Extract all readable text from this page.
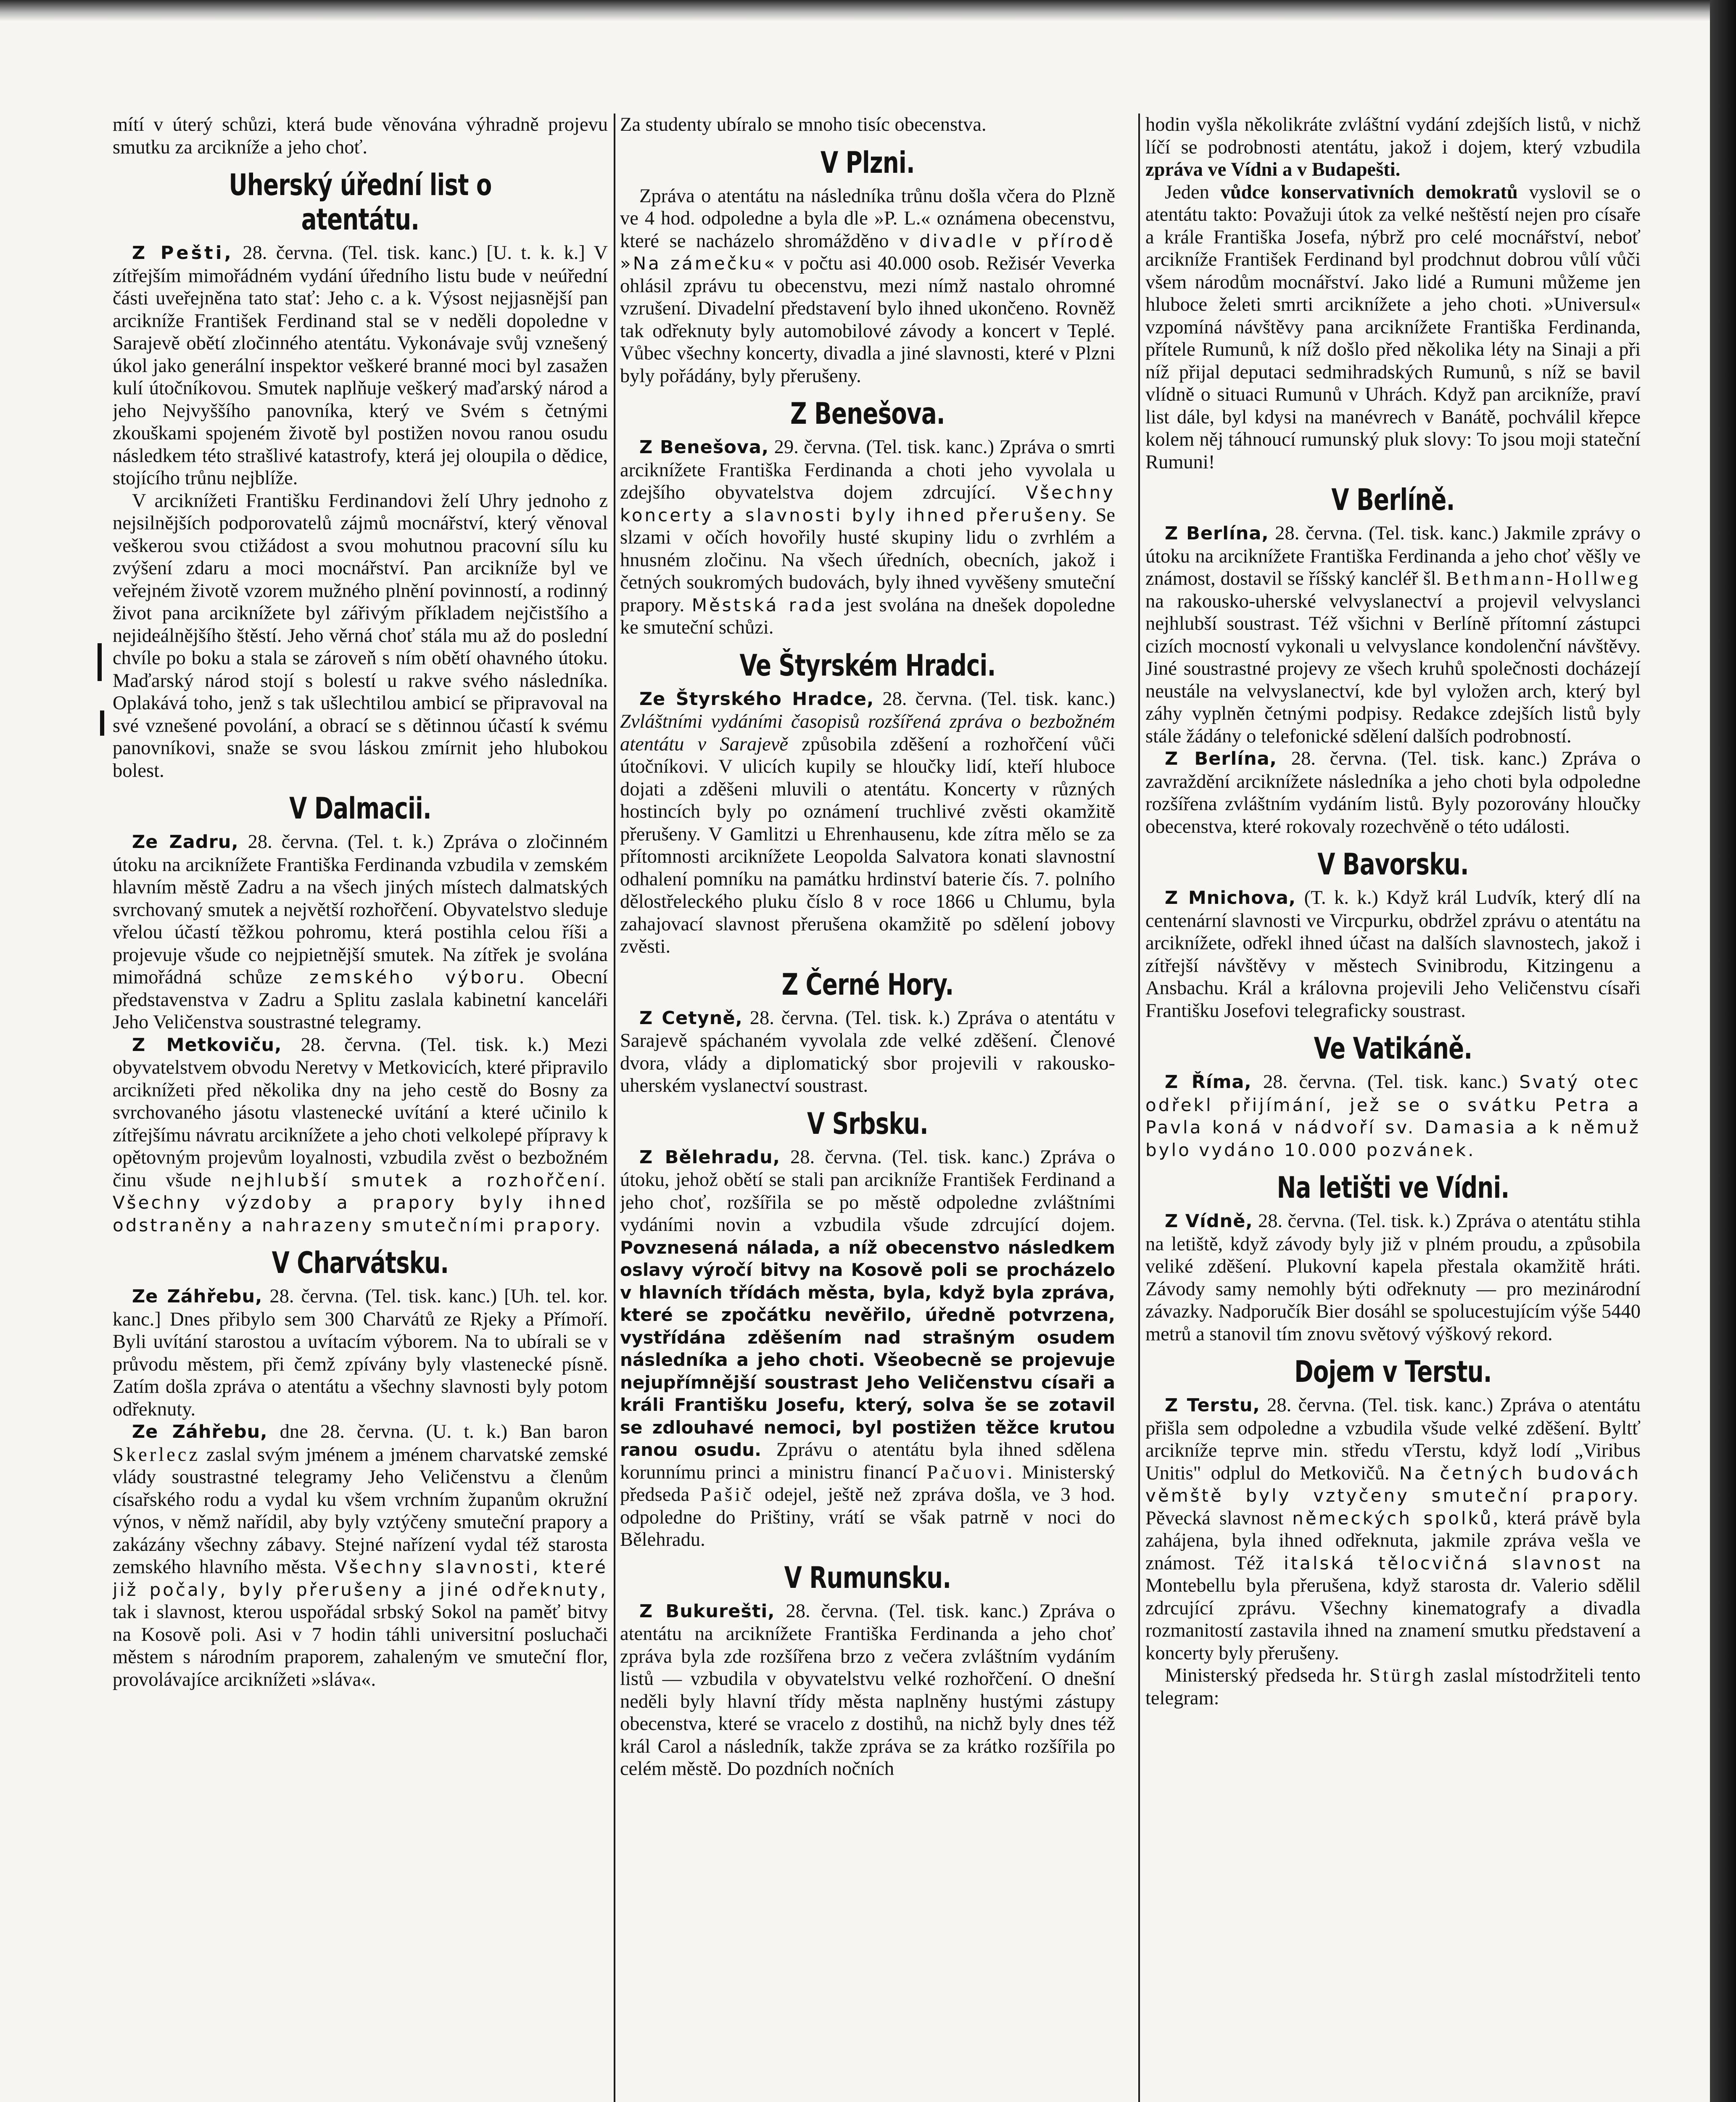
mítí v úterý schůzi, která bude věnována výhradně projevu smutku za arcikníže a jeho choť.

Uherský úřední list o atentátu.

Z Pešti, 28. června. (Tel. tisk. kanc.) [U. t. k. k.] V zítřejším mimořádném vydání úředního listu bude v neúřední části uveřejněna tato stať: Jeho c. a k. Výsost nejjasnější pan arcikníže František Ferdinand stal se v neděli dopoledne v Sarajevě obětí zločinného atentátu. Vykonávaje svůj vznešený úkol jako generální inspektor veškeré branné moci byl zasažen kulí útočníkovou. Smutek naplňuje veškerý maďarský národ a jeho Nejvyššího panovníka, který ve Svém s četnými zkouškami spojeném životě byl postižen novou ranou osudu následkem této strašlivé katastrofy, která jej oloupila o dědice, stojícího trůnu nejblíže.

V arciknížeti Františku Ferdinandovi želí Uhry jednoho z nejsilnějších podporovatelů zájmů mocnářství, který věnoval veškerou svou ctižádost a svou mohutnou pracovní sílu ku zvýšení zdaru a moci mocnářství. Pan arcikníže byl ve veřejném životě vzorem mužného plnění povinností, a rodinný život pana arciknížete byl zářivým příkladem nejčistšího a nejideálnějšího štěstí. Jeho věrná choť stála mu až do poslední chvíle po boku a stala se zároveň s ním obětí ohavného útoku. Maďarský národ stojí s bolestí u rakve svého následníka. Oplakává toho, jenž s tak ušlechtilou ambicí se připravoval na své vznešené povolání, a obrací se s dětinnou účastí k svému panovníkovi, snaže se svou láskou zmírnit jeho hlubokou bolest.

V Dalmacii.

Ze Zadru, 28. června. (Tel. t. k.) Zpráva o zločinném útoku na arciknížete Františka Ferdinanda vzbudila v zemském hlavním městě Zadru a na všech jiných místech dalmatských svrchovaný smutek a největší rozhořčení. Obyvatelstvo sleduje vřelou účastí těžkou pohromu, která postihla celou říši a projevuje všude co nejpietnější smutek. Na zítřek je svolána mimořádná schůze zemského výboru. Obecní představenstva v Zadru a Splitu zaslala kabinetní kanceláři Jeho Veličenstva soustrastné telegramy.

Z Metkoviču, 28. června. (Tel. tisk. k.) Mezi obyvatelstvem obvodu Neretvy v Metkovicích, které připravilo arciknížeti před několika dny na jeho cestě do Bosny za svrchovaného jásotu vlastenecké uvítání a které učinilo k zítřejšímu návratu arciknížete a jeho choti velkolepé přípravy k opětovným projevům loyalnosti, vzbudila zvěst o bezbožném činu všude nejhlubší smutek a rozhořčení. Všechny výzdoby a prapory byly ihned odstraněny a nahrazeny smutečními prapory.

V Charvátsku.

Ze Záhřebu, 28. června. (Tel. tisk. kanc.) [Uh. tel. kor. kanc.] Dnes přibylo sem 300 Charvátů ze Rjeky a Přímoří. Byli uvítání starostou a uvítacím výborem. Na to ubírali se v průvodu městem, při čemž zpívány byly vlastenecké písně. Zatím došla zpráva o atentátu a všechny slavnosti byly potom odřeknuty.

Ze Záhřebu, dne 28. června. (U. t. k.) Ban baron Skerlecz zaslal svým jménem a jménem charvatské zemské vlády soustrastné telegramy Jeho Veličenstvu a členům císařského rodu a vydal ku všem vrchním županům okružní výnos, v němž nařídil, aby byly vztýčeny smuteční prapory a zakázány všechny zábavy. Stejné nařízení vydal též starosta zemského hlavního města. Všechny slavnosti, které již počaly, byly přerušeny a jiné odřeknuty, tak i slavnost, kterou uspořádal srbský Sokol na paměť bitvy na Kosově poli. Asi v 7 hodin táhli universitní posluchači městem s národním praporem, zahaleným ve smuteční flor, provolávajíce arciknížeti »sláva«.

Za studenty ubíralo se mnoho tisíc obecenstva.

V Plzni.

Zpráva o atentátu na následníka trůnu došla včera do Plzně ve 4 hod. odpoledne a byla dle »P. L.« oznámena obecenstvu, které se nacházelo shromážděno v divadle v přírodě »Na zámečku« v počtu asi 40.000 osob. Režisér Veverka ohlásil zprávu tu obecenstvu, mezi nímž nastalo ohromné vzrušení. Divadelní představení bylo ihned ukončeno. Rovněž tak odřeknuty byly automobilové závody a koncert v Teplé. Vůbec všechny koncerty, divadla a jiné slavnosti, které v Plzni byly pořádány, byly přerušeny.

Z Benešova.

Z Benešova, 29. června. (Tel. tisk. kanc.) Zpráva o smrti arciknížete Františka Ferdinanda a choti jeho vyvolala u zdejšího obyvatelstva dojem zdrcující. Všechny koncerty a slavnosti byly ihned přerušeny. Se slzami v očích hovořily husté skupiny lidu o zvrhlém a hnusném zločinu. Na všech úředních, obecních, jakož i četných soukromých budovách, byly ihned vyvěšeny smuteční prapory. Městská rada jest svolána na dnešek dopoledne ke smuteční schůzi.

Ve Štyrském Hradci.

Ze Štyrského Hradce, 28. června. (Tel. tisk. kanc.) Zvláštními vydáními časopisů rozšířená zpráva o bezbožném atentátu v Sarajevě způsobila zděšení a rozhořčení vůči útočníkovi. V ulicích kupily se hloučky lidí, kteří hluboce dojati a zděšeni mluvili o atentátu. Koncerty v různých hostincích byly po oznámení truchlivé zvěsti okamžitě přerušeny. V Gamlitzi u Ehrenhausenu, kde zítra mělo se za přítomnosti arciknížete Leopolda Salvatora konati slavnostní odhalení pomníku na památku hrdinství baterie čís. 7. polního dělostřeleckého pluku číslo 8 v roce 1866 u Chlumu, byla zahajovací slavnost přerušena okamžitě po sdělení jobovy zvěsti.

Z Černé Hory.

Z Cetyně, 28. června. (Tel. tisk. k.) Zpráva o atentátu v Sarajevě spáchaném vyvolala zde velké zděšení. Členové dvora, vlády a diplomatický sbor projevili v rakousko-uherském vyslanectví soustrast.

V Srbsku.

Z Bělehradu, 28. června. (Tel. tisk. kanc.) Zpráva o útoku, jehož obětí se stali pan arcikníže František Ferdinand a jeho choť, rozšířila se po městě odpoledne zvláštními vydáními novin a vzbudila všude zdrcující dojem. Povznesená nálada, a níž obecenstvo následkem oslavy výročí bitvy na Kosově poli se procházelo v hlavních třídách města, byla, když byla zpráva, které se zpočátku nevěřilo, úředně potvrzena, vystřídána zděšením nad strašným osudem následníka a jeho choti. Všeobecně se projevuje nejupřímnější soustrast Jeho Veličenstvu císaři a králi Františku Josefu, který, solva še se zotavil se zdlouhavé nemoci, byl postižen těžce krutou ranou osudu. Zprávu o atentátu byla ihned sdělena korunnímu princi a ministru financí Pačuovi. Ministerský předseda Pašič odejel, ještě než zpráva došla, ve 3 hod. odpoledne do Prištiny, vrátí se však patrně v noci do Bělehradu.

V Rumunsku.

Z Bukurešti, 28. června. (Tel. tisk. kanc.) Zpráva o atentátu na arciknížete Františka Ferdinanda a jeho choť zpráva byla zde rozšířena brzo z večera zvláštním vydáním listů — vzbudila v obyvatelstvu velké rozhořčení. O dnešní neděli byly hlavní třídy města naplněny hustými zástupy obecenstva, které se vracelo z dostihů, na nichž byly dnes též král Carol a následník, takže zpráva se za krátko rozšířila po celém městě. Do pozdních nočních

hodin vyšla několikráte zvláštní vydání zdejších listů, v nichž líčí se podrobnosti atentátu, jakož i dojem, který vzbudila zpráva ve Vídni a v Budapešti.

Jeden vůdce konservativních demokratů vyslovil se o atentátu takto: Považuji útok za velké neštěstí nejen pro císaře a krále Františka Josefa, nýbrž pro celé mocnářství, neboť arcikníže František Ferdinand byl prodchnut dobrou vůlí vůči všem národům mocnářství. Jako lidé a Rumuni můžeme jen hluboce želeti smrti arciknížete a jeho choti. »Universul« vzpomíná návštěvy pana arciknížete Františka Ferdinanda, přítele Rumunů, k níž došlo před několika léty na Sinaji a při níž přijal deputaci sedmihradských Rumunů, s níž se bavil vlídně o situaci Rumunů v Uhrách. Když pan arcikníže, praví list dále, byl kdysi na manévrech v Banátě, pochválil křepce kolem něj táhnoucí rumunský pluk slovy: To jsou moji stateční Rumuni!

V Berlíně.

Z Berlína, 28. června. (Tel. tisk. kanc.) Jakmile zprávy o útoku na arciknížete Františka Ferdinanda a jeho choť věšly ve známost, dostavil se říšský kancléř šl. Bethmann-Hollweg na rakousko-uherské velvyslanectví a projevil velvyslanci nejhlubší soustrast. Též všichni v Berlíně přítomní zástupci cizích mocností vykonali u velvyslance kondolenční návštěvy. Jiné soustrastné projevy ze všech kruhů společnosti docházejí neustále na velvyslanectví, kde byl vyložen arch, který byl záhy vyplněn četnými podpisy. Redakce zdejších listů byly stále žádány o telefonické sdělení dalších podrobností.

Z Berlína, 28. června. (Tel. tisk. kanc.) Zpráva o zavraždění arciknížete následníka a jeho choti byla odpoledne rozšířena zvláštním vydáním listů. Byly pozorovány hloučky obecenstva, které rokovaly rozechvěně o této události.

V Bavorsku.

Z Mnichova, (T. k. k.) Když král Ludvík, který dlí na centenární slavnosti ve Vircpurku, obdržel zprávu o atentátu na arciknížete, odřekl ihned účast na dalších slavnostech, jakož i zítřejší návštěvy v městech Svinibrodu, Kitzingenu a Ansbachu. Král a královna projevili Jeho Veličenstvu císaři Františku Josefovi telegraficky soustrast.

Ve Vatikáně.

Z Říma, 28. června. (Tel. tisk. kanc.) Svatý otec odřekl přijímání, jež se o svátku Petra a Pavla koná v nádvoří sv. Damasia a k němuž bylo vydáno 10.000 pozvánek.

Na letišti ve Vídni.

Z Vídně, 28. června. (Tel. tisk. k.) Zpráva o atentátu stihla na letiště, když závody byly již v plném proudu, a způsobila veliké zděšení. Plukovní kapela přestala okamžitě hráti. Závody samy nemohly býti odřeknuty — pro mezinárodní závazky. Nadporučík Bier dosáhl se spolucestujícím výše 5440 metrů a stanovil tím znovu světový výškový rekord.

Dojem v Terstu.

Z Terstu, 28. června. (Tel. tisk. kanc.) Zpráva o atentátu přišla sem odpoledne a vzbudila všude velké zděšení. Byltť arcikníže teprve min. středu vTerstu, když lodí „Viribus Unitis" odplul do Metkovičů. Na četných budovách věmště byly vztyčeny smuteční prapory. Pěvecká slavnost německých spolků, která právě byla zahájena, byla ihned odřeknuta, jakmile zpráva vešla ve známost. Též italská tělocvičná slavnost na Montebellu byla přerušena, když starosta dr. Valerio sdělil zdrcující zprávu. Všechny kinematografy a divadla rozmanitostí zastavila ihned na znamení smutku představení a koncerty byly přerušeny.

Ministerský předseda hr. Stürgh zaslal místodržiteli tento telegram:
